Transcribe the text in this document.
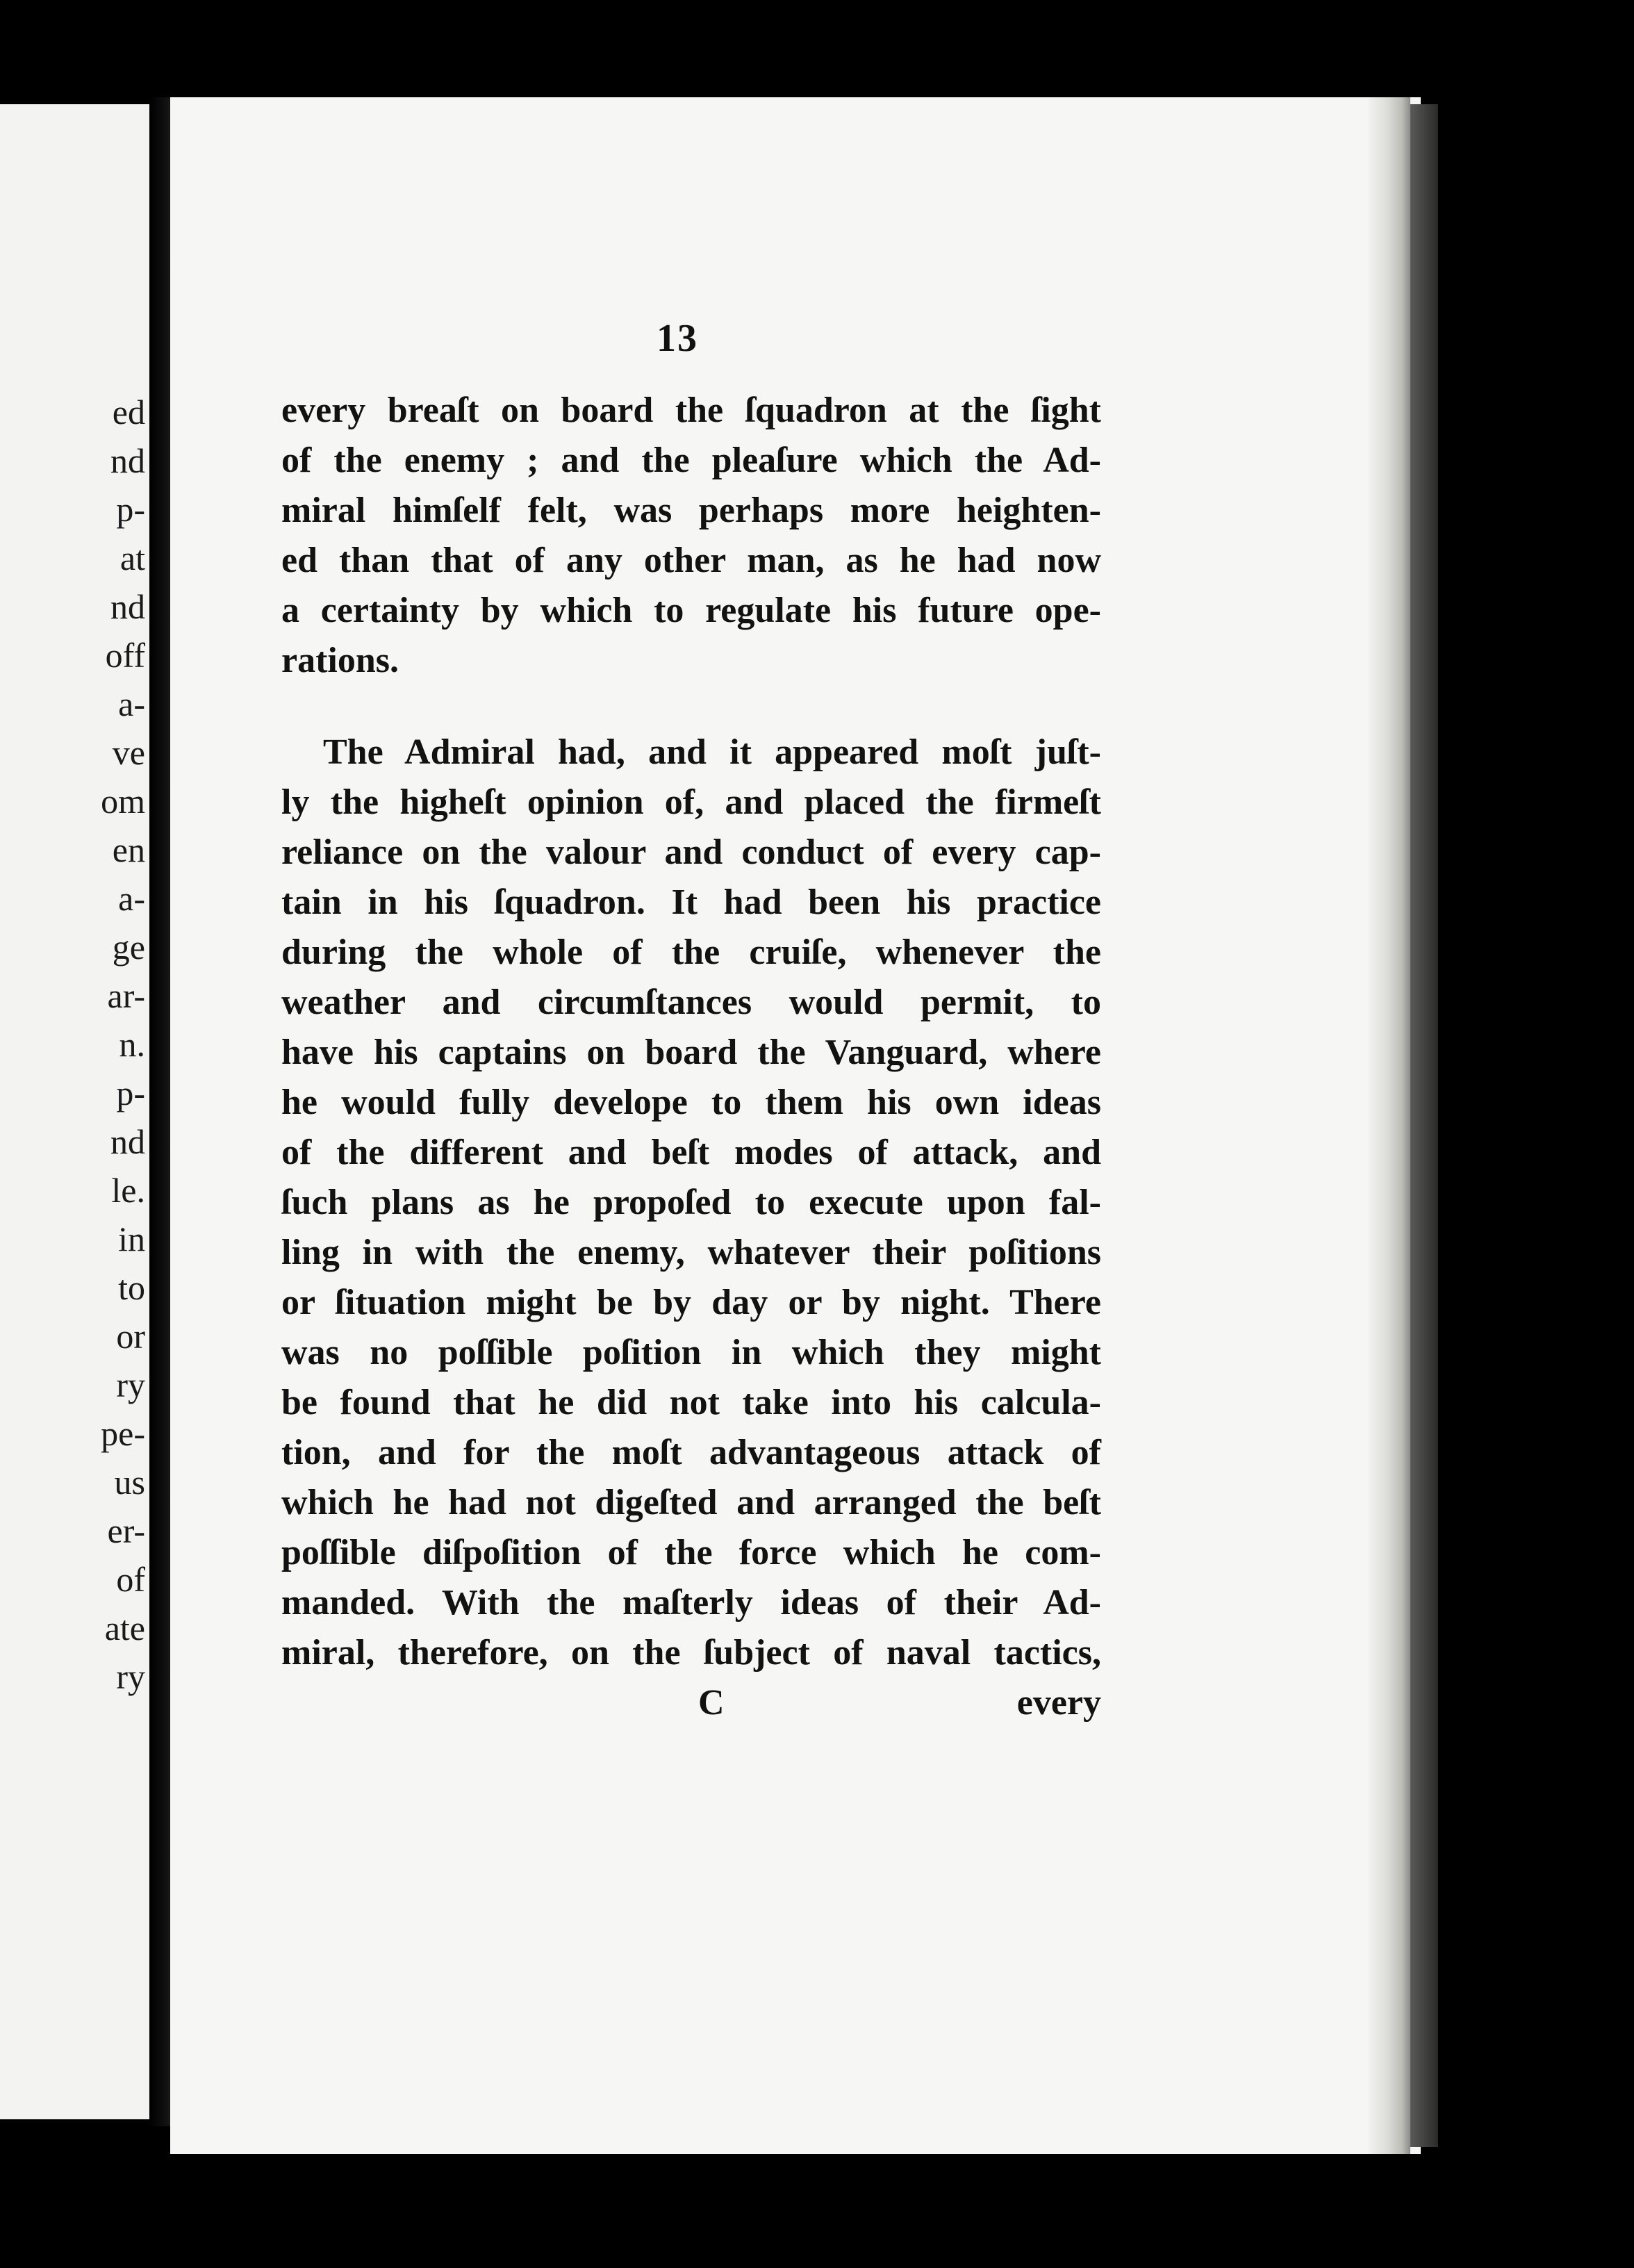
ed
nd
p-
at
nd
off
a-
ve
om
en
a-
ge
ar-
n.
p-
nd
le.
in
to
or
ry
pe-
us
er-
of
ate
ry
13
every breaſt on board the ſquadron at the ſight
of the enemy ; and the pleaſure which the Ad-
miral himſelf felt, was perhaps more heighten-
ed than that of any other man, as he had now
a certainty by which to regulate his future ope-
rations.
The Admiral had, and it appeared moſt juſt-
ly the higheſt opinion of, and placed the firmeſt
reliance on the valour and conduct of every cap-
tain in his ſquadron. It had been his practice
during the whole of the cruiſe, whenever the
weather and circumſtances would permit, to
have his captains on board the Vanguard, where
he would fully develope to them his own ideas
of the different and beſt modes of attack, and
ſuch plans as he propoſed to execute upon fal-
ling in with the enemy, whatever their poſitions
or ſituation might be by day or by night. There
was no poſſible poſition in which they might
be found that he did not take into his calcula-
tion, and for the moſt advantageous attack of
which he had not digeſted and arranged the beſt
poſſible diſpoſition of the force which he com-
manded. With the maſterly ideas of their Ad-
miral, therefore, on the ſubject of naval tactics,
C	every
